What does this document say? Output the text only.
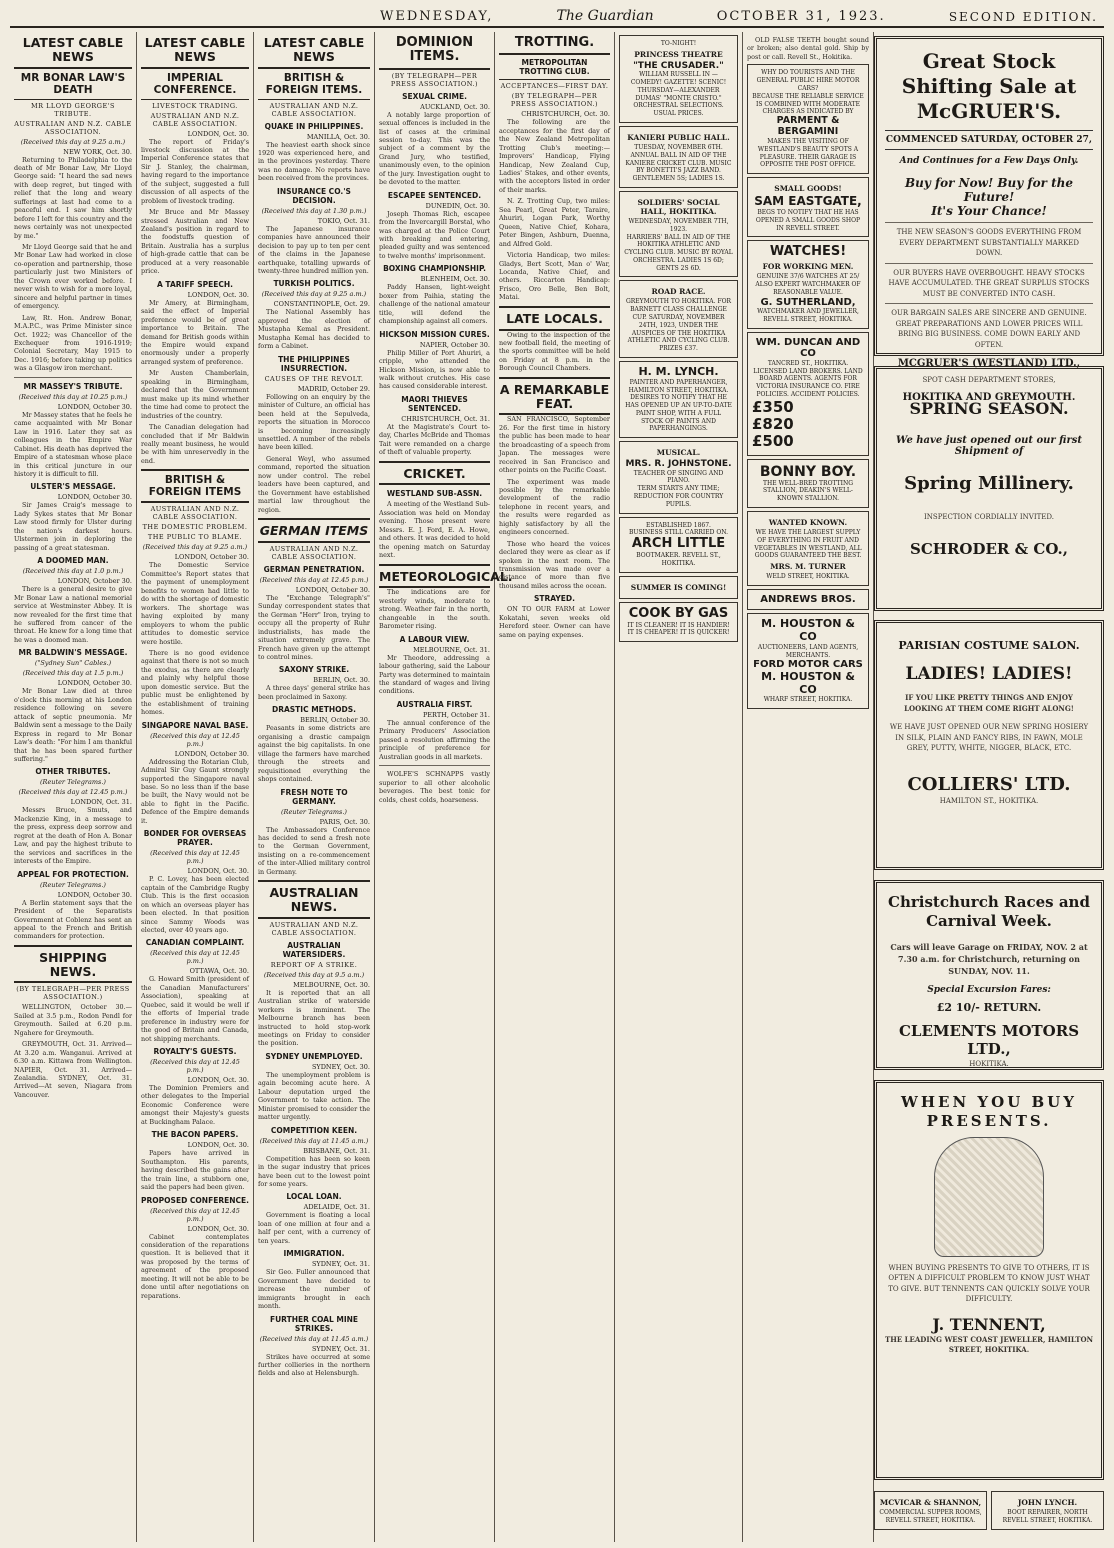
WEDNESDAY,	The Guardian	OCTOBER 31, 1923.	SECOND EDITION.
LATEST CABLE NEWS
MR BONAR LAW'S DEATH
MR LLOYD GEORGE'S TRIBUTE.
AUSTRALIAN AND N.Z. CABLE ASSOCIATION.
(Received this day at 9.25 a.m.)
NEW YORK, Oct. 30.

Returning to Philadelphia to the death of Mr Bonar Law, Mr Lloyd George said: "I heard the sad news with deep regret, but tinged with relief that the long and weary sufferings at last had come to a peaceful end. I saw him shortly before I left for this country and the news certainly was not unexpected by me."

Mr Lloyd George said that he and Mr Bonar Law had worked in close co-operation and partnership, those particularly just two Ministers of the Crown ever worked before. I never wish to wish for a more loyal, sincere and helpful partner in times of emergency.

Law, Rt. Hon. Andrew Bonar, M.A.P.C., was Prime Minister since Oct. 1922; was Chancellor of the Exchequer from 1916-1919; Colonial Secretary, May 1915 to Dec. 1916; before taking up politics was a Glasgow iron merchant.

MR MASSEY'S TRIBUTE.
(Received this day at 10.25 p.m.)
LONDON, October 30.

Mr Massey states that he feels he came acquainted with Mr Bonar Law in 1916. Later they sat as colleagues in the Empire War Cabinet. His death has deprived the Empire of a statesman whose place in this critical juncture in our history it is difficult to fill.

ULSTER'S MESSAGE.
LONDON, October 30.

Sir James Craig's message to Lady Sykes states that Mr Bonar Law stood firmly for Ulster during the nation's darkest hours. Ulstermen join in deploring the passing of a great statesman.

A DOOMED MAN.
(Received this day at 1.0 p.m.)
LONDON, October 30.

There is a general desire to give Mr Bonar Law a national memorial service at Westminster Abbey. It is now revealed for the first time that he suffered from cancer of the throat. He knew for a long time that he was a doomed man.

MR BALDWIN'S MESSAGE.
("Sydney Sun" Cables.)
(Received this day at 1.5 p.m.)
LONDON, October 30.

Mr Bonar Law died at three o'clock this morning at his London residence following on severe attack of septic pneumonia. Mr Baldwin sent a message to the Daily Express in regard to Mr Bonar Law's death: "For him I am thankful that he has been spared further suffering."

OTHER TRIBUTES.
(Reuter Telegrams.)
(Received this day at 12.45 p.m.)
LONDON, Oct. 31.

Messrs Bruce, Smuts, and Mackenzie King, in a message to the press, express deep sorrow and regret at the death of Hon A. Bonar Law, and pay the highest tribute to the services and sacrifices in the interests of the Empire.

APPEAL FOR PROTECTION.
(Reuter Telegrams.)
LONDON, October 30.

A Berlin statement says that the President of the Separatists Government at Coblenz has sent an appeal to the French and British commanders for protection.

SHIPPING NEWS.
(BY TELEGRAPH—PER PRESS ASSOCIATION.)

WELLINGTON, October 30.—Sailed at 3.5 p.m., Rodon Pendl for Greymouth. Sailed at 6.20 p.m. Ngahere for Greymouth.

GREYMOUTH, Oct. 31. Arrived—At 3.20 a.m. Wanganui. Arrived at 6.30 a.m. Kittawa from Wellington. NAPIER, Oct. 31. Arrived—Zealandia. SYDNEY, Oct. 31. Arrived—At seven, Niagara from Vancouver.

LATEST CABLE NEWS
IMPERIAL CONFERENCE.
LIVESTOCK TRADING.
AUSTRALIAN AND N.Z. CABLE ASSOCIATION.
LONDON, Oct. 30.

The report of Friday's livestock discussion at the Imperial Conference states that Sir J. Stanley, the chairman, having regard to the importance of the subject, suggested a full discussion of all aspects of the problem of livestock trading.

Mr Bruce and Mr Massey stressed Australian and New Zealand's position in regard to the foodstuffs question of Britain. Australia has a surplus of high-grade cattle that can be produced at a very reasonable price.

A TARIFF SPEECH.
LONDON, Oct. 30.

Mr Amery, at Birmingham, said the effect of Imperial preference would be of great importance to Britain. The demand for British goods within the Empire would expand enormously under a properly arranged system of preference.

Mr Austen Chamberlain, speaking in Birmingham, declared that the Government must make up its mind whether the time had come to protect the industries of the country.

The Canadian delegation had concluded that if Mr Baldwin really meant business, he would be with him unreservedly in the end.

BRITISH & FOREIGN ITEMS
AUSTRALIAN AND N.Z. CABLE ASSOCIATION.
THE DOMESTIC PROBLEM.
THE PUBLIC TO BLAME.
(Received this day at 9.25 a.m.)
LONDON, October 30.

The Domestic Service Committee's Report states that the payment of unemployment benefits to women had little to do with the shortage of domestic workers. The shortage was having exploited by many employers to whom the public attitudes to domestic service were hostile.

There is no good evidence against that there is not so much the exodus, as there are clearly and plainly why helpful those upon domestic service. But the public must be enlightened by the establishment of training homes.

SINGAPORE NAVAL BASE.
(Received this day at 12.45 p.m.)
LONDON, October 30.

Addressing the Rotarian Club, Admiral Sir Guy Gaunt strongly supported the Singapore naval base. So no less than if the base be built, the Navy would not be able to fight in the Pacific. Defence of the Empire demands it.

BONDER FOR OVERSEAS PRAYER.
(Received this day at 12.45 p.m.)
LONDON, Oct. 30.

P. C. Lovey, has been elected captain of the Cambridge Rugby Club. This is the first occasion on which an overseas player has been elected. In that position since Sammy Woods was elected, over 40 years ago.

CANADIAN COMPLAINT.
(Received this day at 12.45 p.m.)
OTTAWA, Oct. 30.

G. Howard Smith (president of the Canadian Manufacturers' Association), speaking at Quebec, said it would be well if the efforts of Imperial trade preference in industry were for the good of Britain and Canada, not shipping merchants.

ROYALTY'S GUESTS.
(Received this day at 12.45 p.m.)
LONDON, Oct. 30.

The Dominion Premiers and other delegates to the Imperial Economic Conference were amongst their Majesty's guests at Buckingham Palace.

THE BACON PAPERS.
LONDON, Oct. 30.

Papers have arrived in Southampton. His parents, having described the gains after the train line, a stubborn one, said the papers had been given.

PROPOSED CONFERENCE.
(Received this day at 12.45 p.m.)
LONDON, Oct. 30.

Cabinet contemplates consideration of the reparations question. It is believed that it was proposed by the terms of agreement of the proposed meeting. It will not be able to be done until after negotiations on reparations.

LATEST CABLE NEWS
BRITISH & FOREIGN ITEMS.
AUSTRALIAN AND N.Z. CABLE ASSOCIATION.
QUAKE IN PHILIPPINES.
MANILLA, Oct. 30.

The heaviest earth shock since 1920 was experienced here, and in the provinces yesterday. There was no damage. No reports have been received from the provinces.

INSURANCE CO.'S DECISION.
(Received this day at 1.30 p.m.)
TOKIO, Oct. 31.

The Japanese insurance companies have announced their decision to pay up to ten per cent of the claims in the Japanese earthquake, totalling upwards of twenty-three hundred million yen.

TURKISH POLITICS.
(Received this day at 9.25 a.m.)
CONSTANTINOPLE, Oct. 29.

The National Assembly has approved the election of Mustapha Kemal as President. Mustapha Kemal has decided to form a Cabinet.

THE PHILIPPINES INSURRECTION.
CAUSES OF THE REVOLT.
MADRID, October 29.

Following on an enquiry by the minister of Culture, an official has been held at the Sepulveda, reports the situation in Morocco is becoming increasingly unsettled. A number of the rebels have been killed.

General Weyl, who assumed command, reported the situation now under control. The rebel leaders have been captured, and the Government have established martial law throughout the region.

GERMAN ITEMS
AUSTRALIAN AND N.Z. CABLE ASSOCIATION.
GERMAN PENETRATION.
(Received this day at 12.45 p.m.)
LONDON, October 30.

The "Exchange Telegraph's" Sunday correspondent states that the German "Herr" Iron, trying to occupy all the property of Ruhr industrialists, has made the situation extremely grave. The French have given up the attempt to control mines.

SAXONY STRIKE.
BERLIN, Oct. 30.

A three days' general strike has been proclaimed in Saxony.

DRASTIC METHODS.
BERLIN, October 30.

Peasants in some districts are organising a drastic campaign against the big capitalists. In one village the farmers have marched through the streets and requisitioned everything the shops contained.

FRESH NOTE TO GERMANY.
(Reuter Telegrams.)
PARIS, Oct. 30.

The Ambassadors Conference has decided to send a fresh note to the German Government, insisting on a re-commencement of the inter-Allied military control in Germany.

AUSTRALIAN NEWS.
AUSTRALIAN AND N.Z. CABLE ASSOCIATION.
AUSTRALIAN WATERSIDERS.
REPORT OF A STRIKE.
(Received this day at 9.5 a.m.)
MELBOURNE, Oct. 30.

It is reported that an all Australian strike of waterside workers is imminent. The Melbourne branch has been instructed to hold stop-work meetings on Friday to consider the position.

SYDNEY UNEMPLOYED.
SYDNEY, Oct. 30.

The unemployment problem is again becoming acute here. A Labour deputation urged the Government to take action. The Minister promised to consider the matter urgently.

COMPETITION KEEN.
(Received this day at 11.45 a.m.)
BRISBANE, Oct. 31.

Competition has been so keen in the sugar industry that prices have been cut to the lowest point for some years.

LOCAL LOAN.
ADELAIDE, Oct. 31.

Government is floating a local loan of one million at four and a half per cent, with a currency of ten years.

IMMIGRATION.
SYDNEY, Oct. 31.

Sir Geo. Fuller announced that Government have decided to increase the number of immigrants brought in each month.

FURTHER COAL MINE STRIKES.
(Received this day at 11.45 a.m.)
SYDNEY, Oct. 31.

Strikes have occurred at some further collieries in the northern fields and also at Helensburgh.

DOMINION ITEMS.
(BY TELEGRAPH—PER PRESS ASSOCIATION.)
SEXUAL CRIME.
AUCKLAND, Oct. 30.

A notably large proportion of sexual offences is included in the list of cases at the criminal session to-day. This was the subject of a comment by the Grand Jury, who testified, unanimously even, to the opinion of the jury. Investigation ought to be devoted to the matter.

ESCAPEE SENTENCED.
DUNEDIN, Oct. 30.

Joseph Thomas Rich, escapee from the Invercargill Borstal, who was charged at the Police Court with breaking and entering, pleaded guilty and was sentenced to twelve months' imprisonment.

BOXING CHAMPIONSHIP.
BLENHEIM, Oct. 30.

Paddy Hansen, light-weight boxer from Paihia, stating the challenge of the national amateur title, will defend the championship against all comers.

HICKSON MISSION CURES.
NAPIER, October 30.

Philip Miller of Port Ahuriri, a cripple, who attended the Hickson Mission, is now able to walk without crutches. His case has caused considerable interest.

MAORI THIEVES SENTENCED.
CHRISTCHURCH, Oct. 31.

At the Magistrate's Court to-day, Charles McBride and Thomas Tait were remanded on a charge of theft of valuable property.

CRICKET.
WESTLAND SUB-ASSN.

A meeting of the Westland Sub-Association was held on Monday evening. Those present were Messrs. E. J. Ford, E. A. Howe, and others. It was decided to hold the opening match on Saturday next.

METEOROLOGICAL.

The indications are for westerly winds, moderate to strong. Weather fair in the north, changeable in the south. Barometer rising.

A LABOUR VIEW.
MELBOURNE, Oct. 31.

Mr Theodore, addressing a labour gathering, said the Labour Party was determined to maintain the standard of wages and living conditions.

AUSTRALIA FIRST.
PERTH, October 31.

The annual conference of the Primary Producers' Association passed a resolution affirming the principle of preference for Australian goods in all markets.

WOLFE'S SCHNAPPS vastly superior to all other alcoholic beverages. The best tonic for colds, chest colds, hoarseness.

TROTTING.
METROPOLITAN TROTTING CLUB.
ACCEPTANCES—FIRST DAY.
(BY TELEGRAPH—PER PRESS ASSOCIATION.)
CHRISTCHURCH, Oct. 30.

The following are the acceptances for the first day of the New Zealand Metropolitan Trotting Club's meeting:—Improvers' Handicap, Flying Handicap, New Zealand Cup, Ladies' Stakes, and other events, with the acceptors listed in order of their marks.

N. Z. Trotting Cup, two miles: Sea Pearl, Great Peter, Taraire, Ahuriri, Logan Park, Worthy Queen, Native Chief, Kohara, Peter Bingen, Ashburn, Duenna, and Alfred Gold.

Victoria Handicap, two miles: Gladys, Bert Scott, Man o' War, Locanda, Native Chief, and others. Riccarton Handicap: Frisco, Oro Belle, Ben Bolt, Matai.

LATE LOCALS.

Owing to the inspection of the new football field, the meeting of the sports committee will be held on Friday at 8 p.m. in the Borough Council Chambers.

A REMARKABLE FEAT.

SAN FRANCISCO, September 26. For the first time in history the public has been made to hear the broadcasting of a speech from Japan. The messages were received in San Francisco and other points on the Pacific Coast.

The experiment was made possible by the remarkable development of the radio telephone in recent years, and the results were regarded as highly satisfactory by all the engineers concerned.

Those who heard the voices declared they were as clear as if spoken in the next room. The transmission was made over a distance of more than five thousand miles across the ocean.

STRAYED.

ON TO OUR FARM at Lower Kokatahi, seven weeks old Hereford steer. Owner can have same on paying expenses.

TO-NIGHT!
PRINCESS THEATRE
"THE CRUSADER."
WILLIAM RUSSELL IN — COMEDY! GAZETTE! SCENIC! THURSDAY—ALEXANDER DUMAS' "MONTE CRISTO." ORCHESTRAL SELECTIONS. USUAL PRICES.
KANIERI PUBLIC HALL.
TUESDAY, NOVEMBER 6TH.
ANNUAL BALL IN AID OF THE KANIERE CRICKET CLUB. MUSIC BY BONETTI'S JAZZ BAND. GENTLEMEN 5S; LADIES 1S.
SOLDIERS' SOCIAL HALL, HOKITIKA.
WEDNESDAY, NOVEMBER 7TH, 1923.
HARRIERS' BALL IN AID OF THE HOKITIKA ATHLETIC AND CYCLING CLUB. MUSIC BY ROYAL ORCHESTRA. LADIES 1S 6D; GENTS 2S 6D.
ROAD RACE.
GREYMOUTH TO HOKITIKA. FOR BARNETT CLASS CHALLENGE CUP. SATURDAY, NOVEMBER 24TH, 1923, UNDER THE AUSPICES OF THE HOKITIKA ATHLETIC AND CYCLING CLUB. PRIZES £37.
H. M. LYNCH.
PAINTER AND PAPERHANGER, HAMILTON STREET, HOKITIKA.
DESIRES TO NOTIFY THAT HE HAS OPENED UP AN UP-TO-DATE PAINT SHOP, WITH A FULL STOCK OF PAINTS AND PAPERHANGINGS.
MUSICAL.
MRS. R. JOHNSTONE.
TEACHER OF SINGING AND PIANO.
TERM STARTS ANY TIME; REDUCTION FOR COUNTRY PUPILS.
ESTABLISHED 1867.
BUSINESS STILL CARRIED ON.
ARCH LITTLE
BOOTMAKER. REVELL ST., HOKITIKA.
SUMMER IS COMING!
COOK BY GAS
IT IS CLEANER! IT IS HANDIER! IT IS CHEAPER! IT IS QUICKER!

OLD FALSE TEETH bought sound or broken; also dental gold. Ship by post or call. Revell St., Hokitika.

WHY DO TOURISTS AND THE GENERAL PUBLIC HIRE MOTOR CARS?
BECAUSE THE RELIABLE SERVICE IS COMBINED WITH MODERATE CHARGES AS INDICATED BY
PARMENT & BERGAMINI
MAKES THE VISITING OF WESTLAND'S BEAUTY SPOTS A PLEASURE. THEIR GARAGE IS OPPOSITE THE POST OFFICE.
SMALL GOODS!
SAM EASTGATE,
BEGS TO NOTIFY THAT HE HAS OPENED A SMALL GOODS SHOP IN REVELL STREET.
WATCHES!
FOR WORKING MEN.
GENUINE 37/6 WATCHES AT 25/ ALSO EXPERT WATCHMAKER OF REASONABLE VALUE.
G. SUTHERLAND,
WATCHMAKER AND JEWELLER, REVELL STREET, HOKITIKA.
WM. DUNCAN AND CO
TANCRED ST., HOKITIKA.
LICENSED LAND BROKERS. LAND BOARD AGENTS. AGENTS FOR VICTORIA INSURANCE CO. FIRE POLICIES. ACCIDENT POLICIES.
£350
£820
£500
BONNY BOY.
THE WELL-BRED TROTTING STALLION, DEAKIN'S WELL-KNOWN STALLION.
WANTED KNOWN.
WE HAVE THE LARGEST SUPPLY OF EVERYTHING IN FRUIT AND VEGETABLES IN WESTLAND, ALL GOODS GUARANTEED THE BEST.
MRS. M. TURNER
WELD STREET, HOKITIKA.
ANDREWS BROS.
M. HOUSTON & CO
AUCTIONEERS, LAND AGENTS, MERCHANTS.
FORD MOTOR CARS
M. HOUSTON & CO
WHARF STREET, HOKITIKA.
Great Stock Shifting Sale at McGRUER'S.
COMMENCED SATURDAY, OCTOBER 27,
And Continues for a Few Days Only.
Buy for Now! Buy for the Future!
It's Your Chance!
THE NEW SEASON'S GOODS EVERYTHING FROM EVERY DEPARTMENT SUBSTANTIALLY MARKED DOWN.
OUR BUYERS HAVE OVERBOUGHT. HEAVY STOCKS HAVE ACCUMULATED. THE GREAT SURPLUS STOCKS MUST BE CONVERTED INTO CASH.
OUR BARGAIN SALES ARE SINCERE AND GENUINE. GREAT PREPARATIONS AND LOWER PRICES WILL BRING BIG BUSINESS. COME DOWN EARLY AND OFTEN.
MCGRUER'S (WESTLAND) LTD.,
SPOT CASH DEPARTMENT STORES,
HOKITIKA AND GREYMOUTH.
SPRING SEASON.
We have just opened out our first Shipment of
Spring Millinery.
INSPECTION CORDIALLY INVITED.
SCHRODER & CO.,
PARISIAN COSTUME SALON.
LADIES! LADIES!
IF YOU LIKE PRETTY THINGS AND ENJOY LOOKING AT THEM COME RIGHT ALONG!
WE HAVE JUST OPENED OUR NEW SPRING HOSIERY IN SILK, PLAIN AND FANCY RIBS, IN FAWN, MOLE GREY, PUTTY, WHITE, NIGGER, BLACK, ETC.
COLLIERS' LTD.
HAMILTON ST., HOKITIKA.
Christchurch Races and Carnival Week.
Cars will leave Garage on FRIDAY, NOV. 2 at 7.30 a.m. for Christchurch, returning on SUNDAY, NOV. 11.
Special Excursion Fares:
£2 10/- RETURN.
CLEMENTS MOTORS LTD.,
HOKITIKA.
WHEN YOU BUY PRESENTS.
WHEN BUYING PRESENTS TO GIVE TO OTHERS, IT IS OFTEN A DIFFICULT PROBLEM TO KNOW JUST WHAT TO GIVE. BUT TENNENTS CAN QUICKLY SOLVE YOUR DIFFICULTY.
J. TENNENT,
THE LEADING WEST COAST JEWELLER, HAMILTON STREET, HOKITIKA.
MCVICAR & SHANNON,
COMMERCIAL SUPPER ROOMS, REVELL STREET, HOKITIKA.
JOHN LYNCH.
BOOT REPAIRER, NORTH REVELL STREET, HOKITIKA.
